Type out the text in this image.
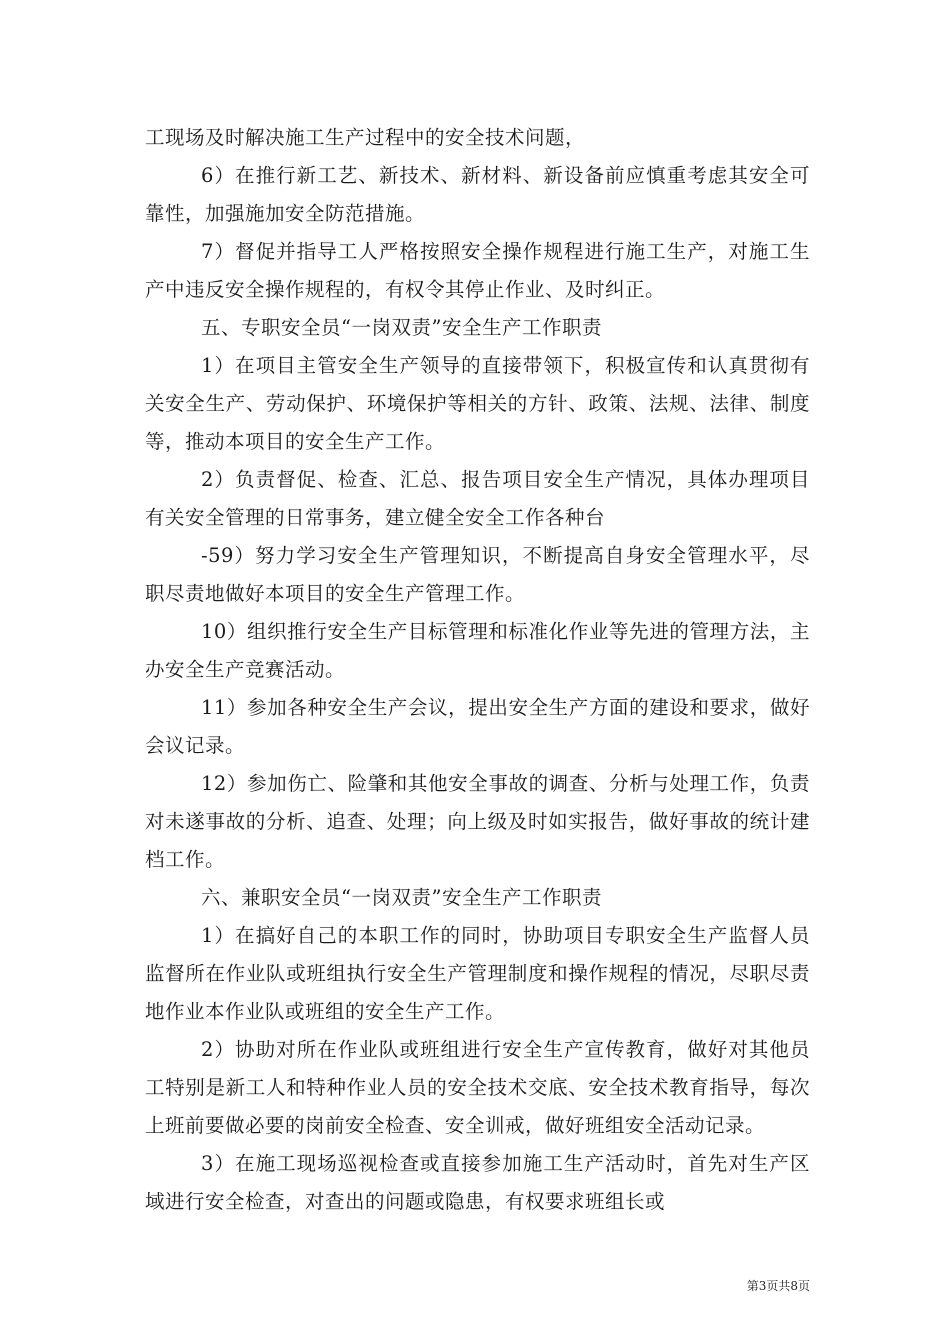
工现场及时解决施工生产过程中的安全技术问题，

6）在推行新工艺、新技术、新材料、新设备前应慎重考虑其安全可靠性，加强施加安全防范措施。

7）督促并指导工人严格按照安全操作规程进行施工生产，对施工生产中违反安全操作规程的，有权令其停止作业、及时纠正。

五、专职安全员“一岗双责”安全生产工作职责

1）在项目主管安全生产领导的直接带领下，积极宣传和认真贯彻有关安全生产、劳动保护、环境保护等相关的方针、政策、法规、法律、制度等，推动本项目的安全生产工作。

2）负责督促、检查、汇总、报告项目安全生产情况，具体办理项目有关安全管理的日常事务，建立健全安全工作各种台

-59）努力学习安全生产管理知识，不断提高自身安全管理水平，尽职尽责地做好本项目的安全生产管理工作。

10）组织推行安全生产目标管理和标准化作业等先进的管理方法，主办安全生产竞赛活动。

11）参加各种安全生产会议，提出安全生产方面的建设和要求，做好会议记录。

12）参加伤亡、险肇和其他安全事故的调查、分析与处理工作，负责对未遂事故的分析、追查、处理；向上级及时如实报告，做好事故的统计建档工作。

六、兼职安全员“一岗双责”安全生产工作职责

1）在搞好自己的本职工作的同时，协助项目专职安全生产监督人员监督所在作业队或班组执行安全生产管理制度和操作规程的情况，尽职尽责地作业本作业队或班组的安全生产工作。

2）协助对所在作业队或班组进行安全生产宣传教育，做好对其他员工特别是新工人和特种作业人员的安全技术交底、安全技术教育指导，每次上班前要做必要的岗前安全检查、安全训戒，做好班组安全活动记录。

3）在施工现场巡视检查或直接参加施工生产活动时，首先对生产区域进行安全检查，对查出的问题或隐患，有权要求班组长或

第3页共8页
